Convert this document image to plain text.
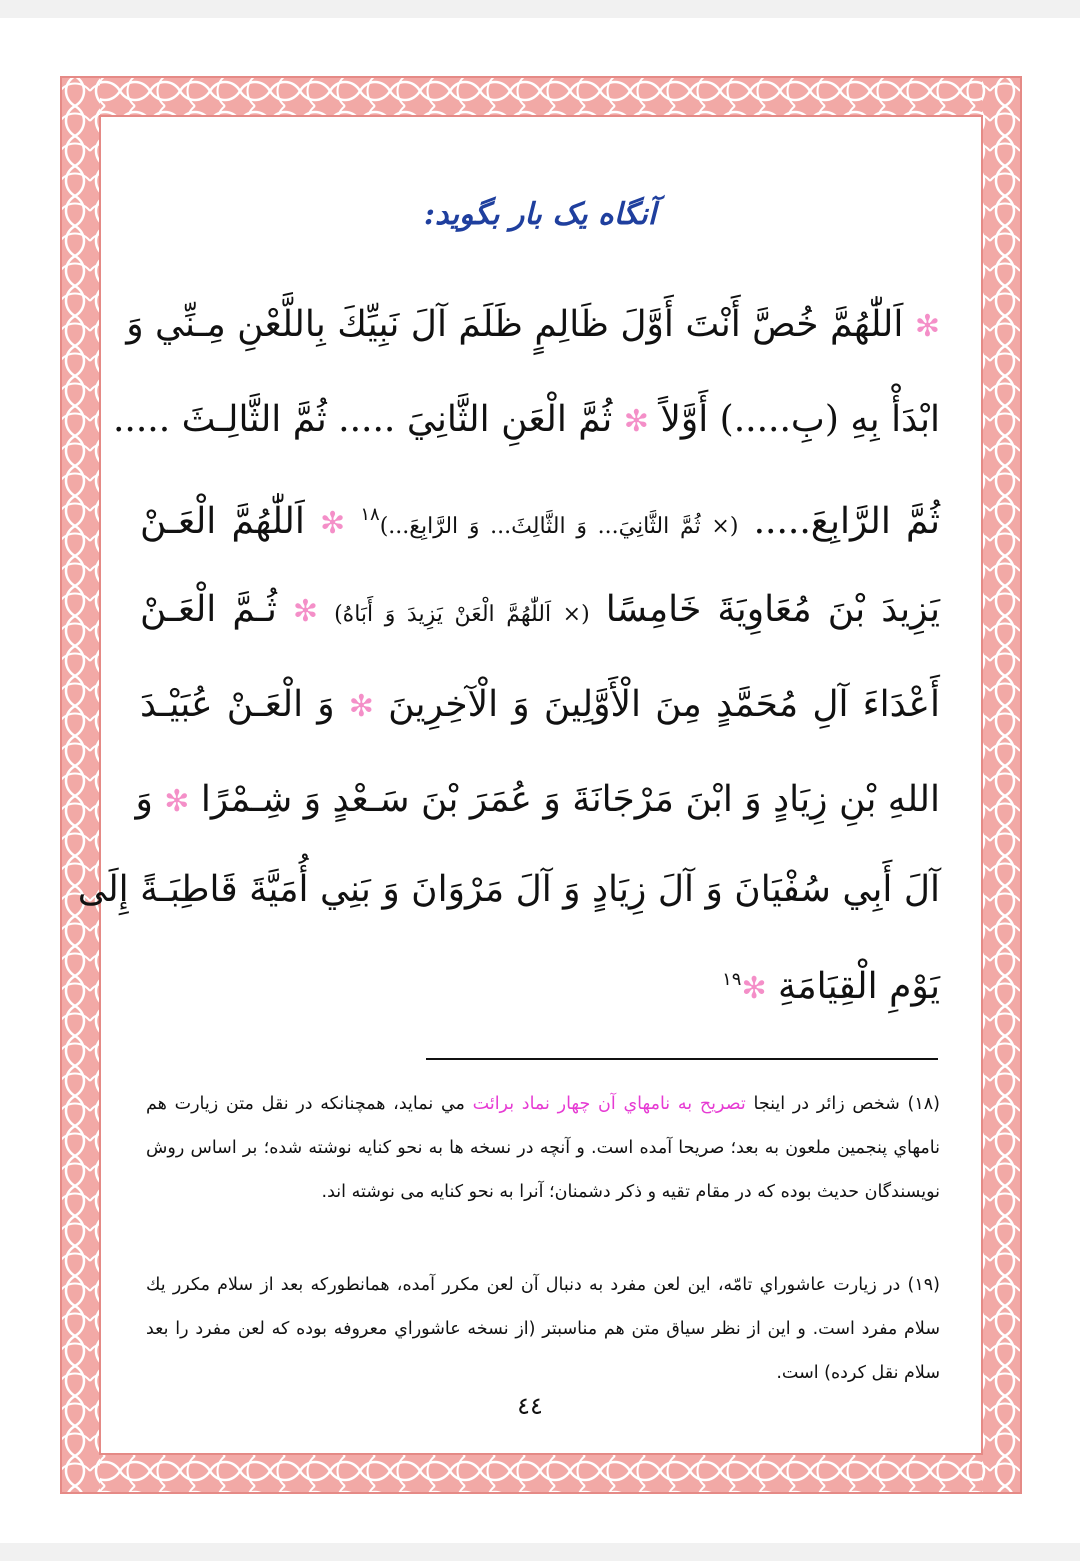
آنگاه یک بار بگوید:
✻ اَللّٰهُمَّ خُصَّ أَنْتَ أَوَّلَ ظَالِمٍ ظَلَمَ آلَ نَبِيِّكَ بِاللَّعْنِ مِـنِّي وَ
ابْدَأْ بِهِ (بِ.....) أَوَّلاً ✻ ثُمَّ الْعَنِ الثَّانِيَ ..... ثُمَّ الثَّالِـثَ .....
ثُمَّ الرَّابِعَ..... (× ثُمَّ الثَّانِيَ... وَ الثَّالِثَ... وَ الرَّابِعَ...)$^{١٨}$ ✻ اَللّٰهُمَّ الْعَـنْ
يَزِيدَ بْنَ مُعَاوِيَةَ خَامِسًا (× اَللّٰهُمَّ الْعَنْ يَزِيدَ وَ أَبَاهُ) ✻ ثُـمَّ الْعَـنْ
أَعْدَاءَ آلِ مُحَمَّدٍ مِنَ الْأَوَّلِينَ وَ الْآخِرِينَ ✻ وَ الْعَـنْ عُبَيْـدَ
اللهِ بْنِ زِيَادٍ وَ ابْنَ مَرْجَانَةَ وَ عُمَرَ بْنَ سَـعْدٍ وَ شِـمْرًا ✻ وَ
آلَ أَبِي سُفْيَانَ وَ آلَ زِيَادٍ وَ آلَ مَرْوَانَ وَ بَنِي أُمَيَّةَ قَاطِبَـةً إِلَى
يَوْمِ الْقِيَامَةِ ✻$^{١٩}$
(١٨) شخص زائر در اينجا تصريح به نامهاي آن چهار نماد برائت مي نمايد، همچنانكه در نقل متن زيارت هم نامهاي پنجمين ملعون به بعد؛ صريحا آمده است. و آنچه در نسخه ها به نحو كنايه نوشته شده؛ بر اساس روش نويسندگان حديث بوده كه در مقام تقيه و ذكر دشمنان؛ آنرا به نحو كنايه مى نوشته اند.
(١٩) در زيارت عاشوراي تامّه، اين لعن مفرد به دنبال آن لعن مكرر آمده، همانطوركه بعد از سلام مكرر يك سلام مفرد است. و اين از نظر سياق متن هم مناسبتر (از نسخه عاشوراي معروفه بوده كه لعن مفرد را بعد سلام نقل كرده) است.
٤٤
